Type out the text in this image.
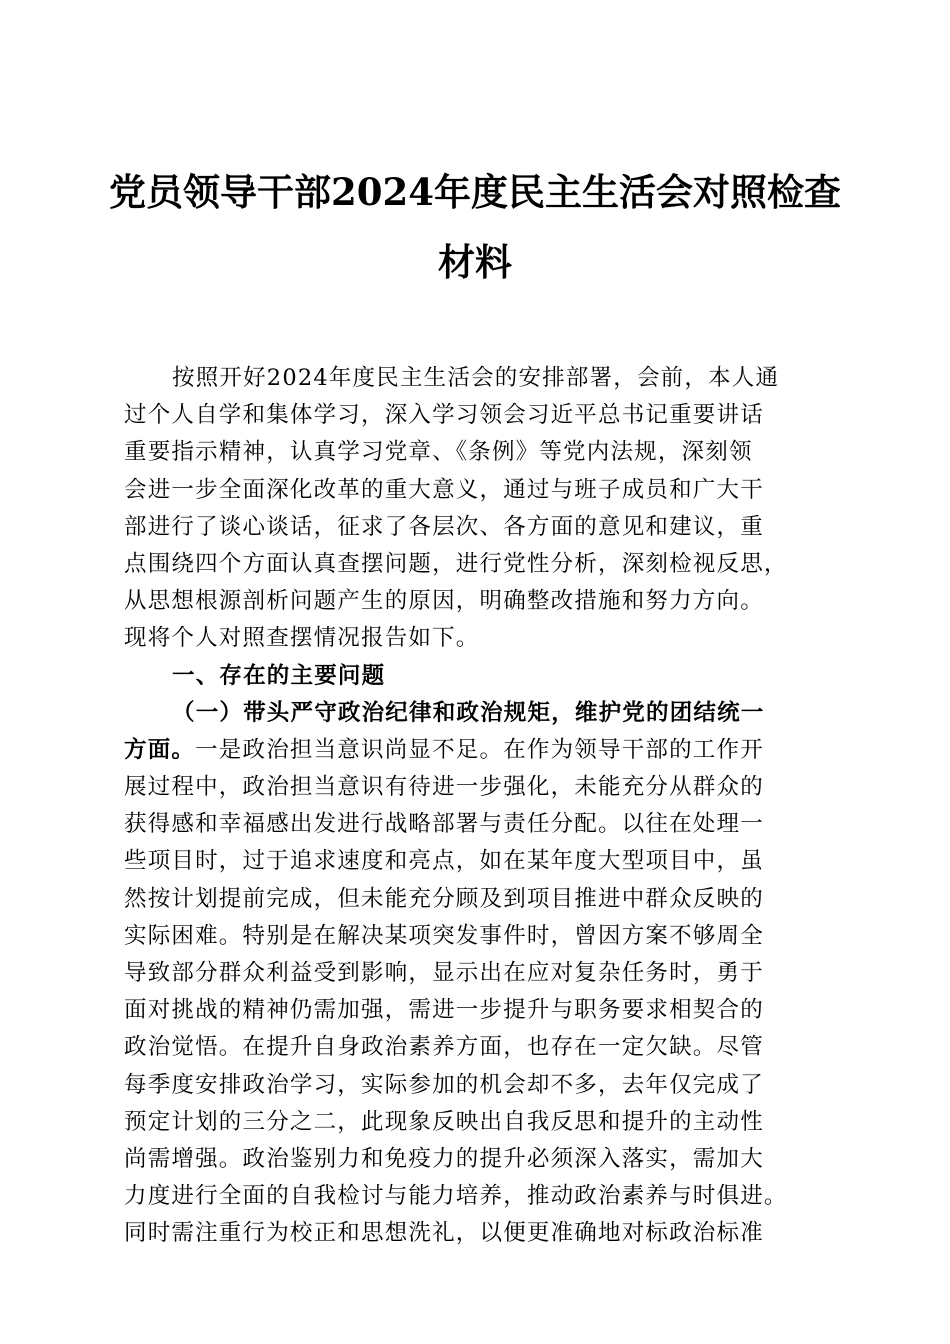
党员领导干部2024年度民主生活会对照检查
材料
按照开好2024年度民主生活会的安排部署，会前，本人通
过个人自学和集体学习，深入学习领会习近平总书记重要讲话
重要指示精神，认真学习党章、《条例》等党内法规，深刻领
会进一步全面深化改革的重大意义，通过与班子成员和广大干
部进行了谈心谈话，征求了各层次、各方面的意见和建议，重
点围绕四个方面认真查摆问题，进行党性分析，深刻检视反思，
从思想根源剖析问题产生的原因，明确整改措施和努力方向。
现将个人对照查摆情况报告如下。
一、存在的主要问题
（一）带头严守政治纪律和政治规矩，维护党的团结统一
方面。一是政治担当意识尚显不足。在作为领导干部的工作开
展过程中，政治担当意识有待进一步强化，未能充分从群众的
获得感和幸福感出发进行战略部署与责任分配。以往在处理一
些项目时，过于追求速度和亮点，如在某年度大型项目中，虽
然按计划提前完成，但未能充分顾及到项目推进中群众反映的
实际困难。特别是在解决某项突发事件时，曾因方案不够周全
导致部分群众利益受到影响，显示出在应对复杂任务时，勇于
面对挑战的精神仍需加强，需进一步提升与职务要求相契合的
政治觉悟。在提升自身政治素养方面，也存在一定欠缺。尽管
每季度安排政治学习，实际参加的机会却不多，去年仅完成了
预定计划的三分之二，此现象反映出自我反思和提升的主动性
尚需增强。政治鉴别力和免疫力的提升必须深入落实，需加大
力度进行全面的自我检讨与能力培养，推动政治素养与时俱进。
同时需注重行为校正和思想洗礼，以便更准确地对标政治标准
